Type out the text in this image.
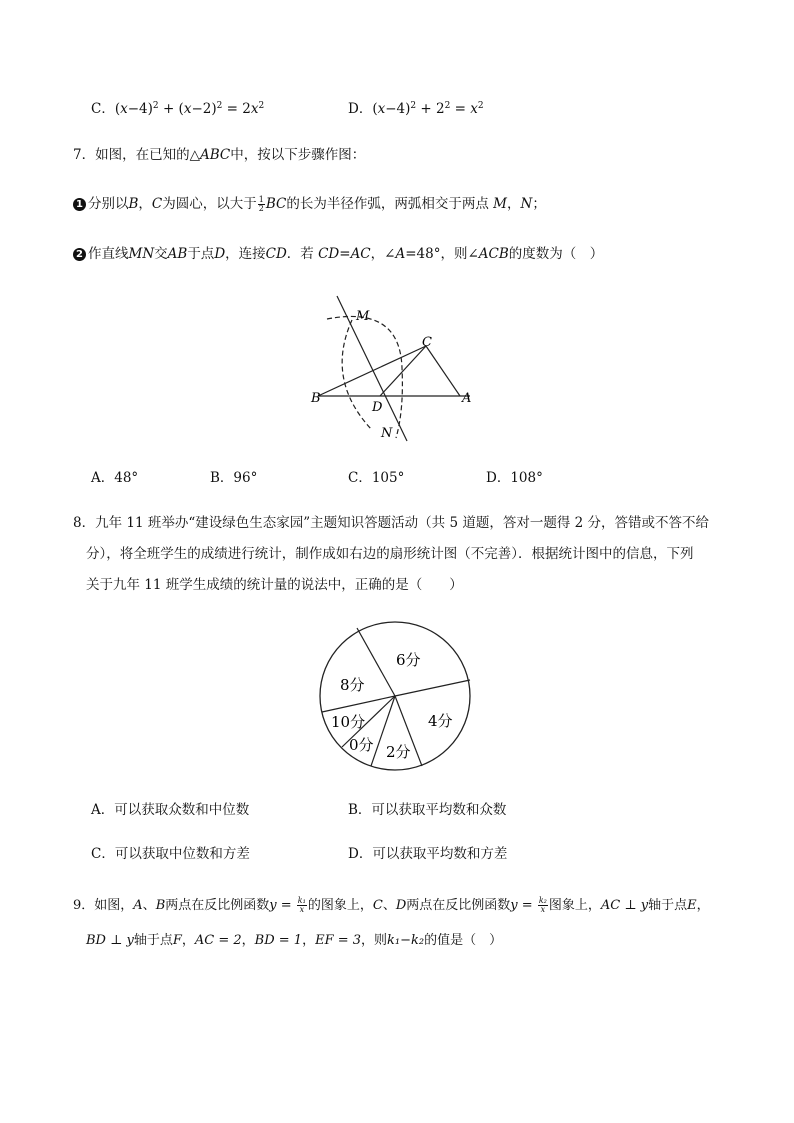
C．$(x-4)^2 + (x-2)^2 = 2x^2$	D．$(x-4)^2 + 2^2 = x^2$
7．如图，在已知的△ABC中，按以下步骤作图：
1 分别以B，C为圆心，以大于 $\frac{1}{2}$ BC的长为半径作弧，两弧相交于两点 M，N；
2 作直线MN交AB于点D，连接CD．若 CD=AC，∠A=48°，则∠ACB的度数为（　）
M
C
B
D
A
N
A．48°	B．96°	C．105°	D．108°
8．九年 11 班举办“建设绿色生态家园”主题知识答题活动（共 5 道题，答对一题得 2 分，答错或不答不给
分），将全班学生的成绩进行统计，制作成如右边的扇形统计图（不完善）．根据统计图中的信息，下列
关于九年 11 班学生成绩的统计量的说法中，正确的是（　　）
6分
4分
2分
0分
10分
8分
A．可以获取众数和中位数	B．可以获取平均数和众数
C．可以获取中位数和方差	D．可以获取平均数和方差
9．如图，A、B两点在反比例函数$y = \frac{\text{k₁}}{x}$ 的图象上，C、D两点在反比例函数$y = \frac{\text{k₂}}{x}$ 图象上，AC ⊥ y轴于点E，
BD ⊥ y轴于点F，AC = 2，BD = 1，EF = 3，则k₁−k₂的值是（　）
